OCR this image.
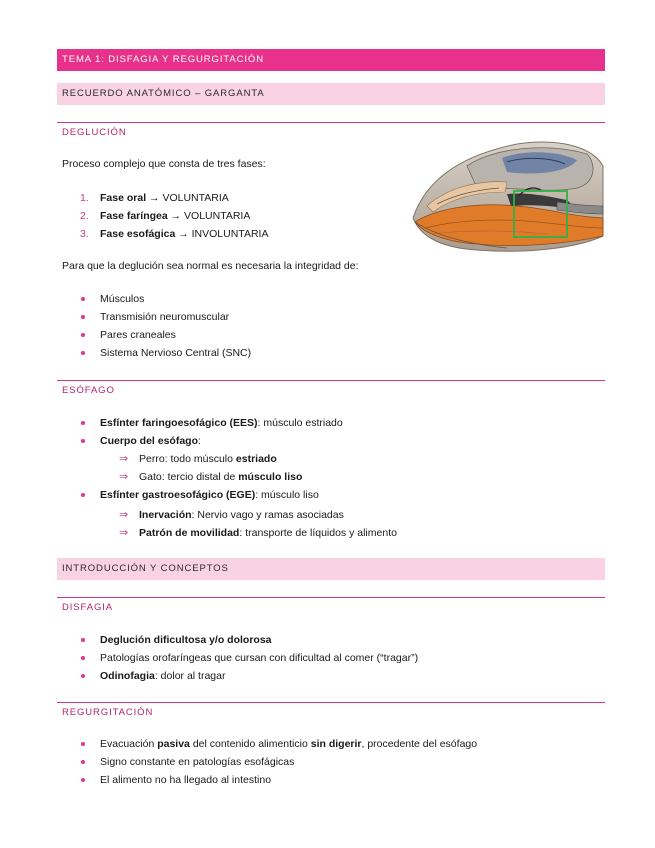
TEMA 1: DISFAGIA Y REGURGITACIÓN
RECUERDO ANATÓMICO – GARGANTA
DEGLUCIÓN
Proceso complejo que consta de tres fases:
1. Fase oral → VOLUNTARIA
2. Fase faríngea → VOLUNTARIA
3. Fase esofágica → INVOLUNTARIA
Para que la deglución sea normal es necesaria la integridad de:
Músculos
Transmisión neuromuscular
Pares craneales
Sistema Nervioso Central (SNC)
ESÓFAGO
Esfínter faringoesofágico (EES): músculo estriado
Cuerpo del esófago:
⇒ Perro: todo músculo estriado
⇒ Gato: tercio distal de músculo liso
Esfínter gastroesofágico (EGE): músculo liso
⇒ Inervación: Nervio vago y ramas asociadas
⇒ Patrón de movilidad: transporte de líquidos y alimento
INTRODUCCIÓN Y CONCEPTOS
DISFAGIA
Deglución dificultosa y/o dolorosa
Patologías orofaríngeas que cursan con dificultad al comer (“tragar”)
Odinofagia: dolor al tragar
REGURGITACIÓN
Evacuación pasiva del contenido alimenticio sin digerir, procedente del esófago
Signo constante en patologías esofágicas
El alimento no ha llegado al intestino
